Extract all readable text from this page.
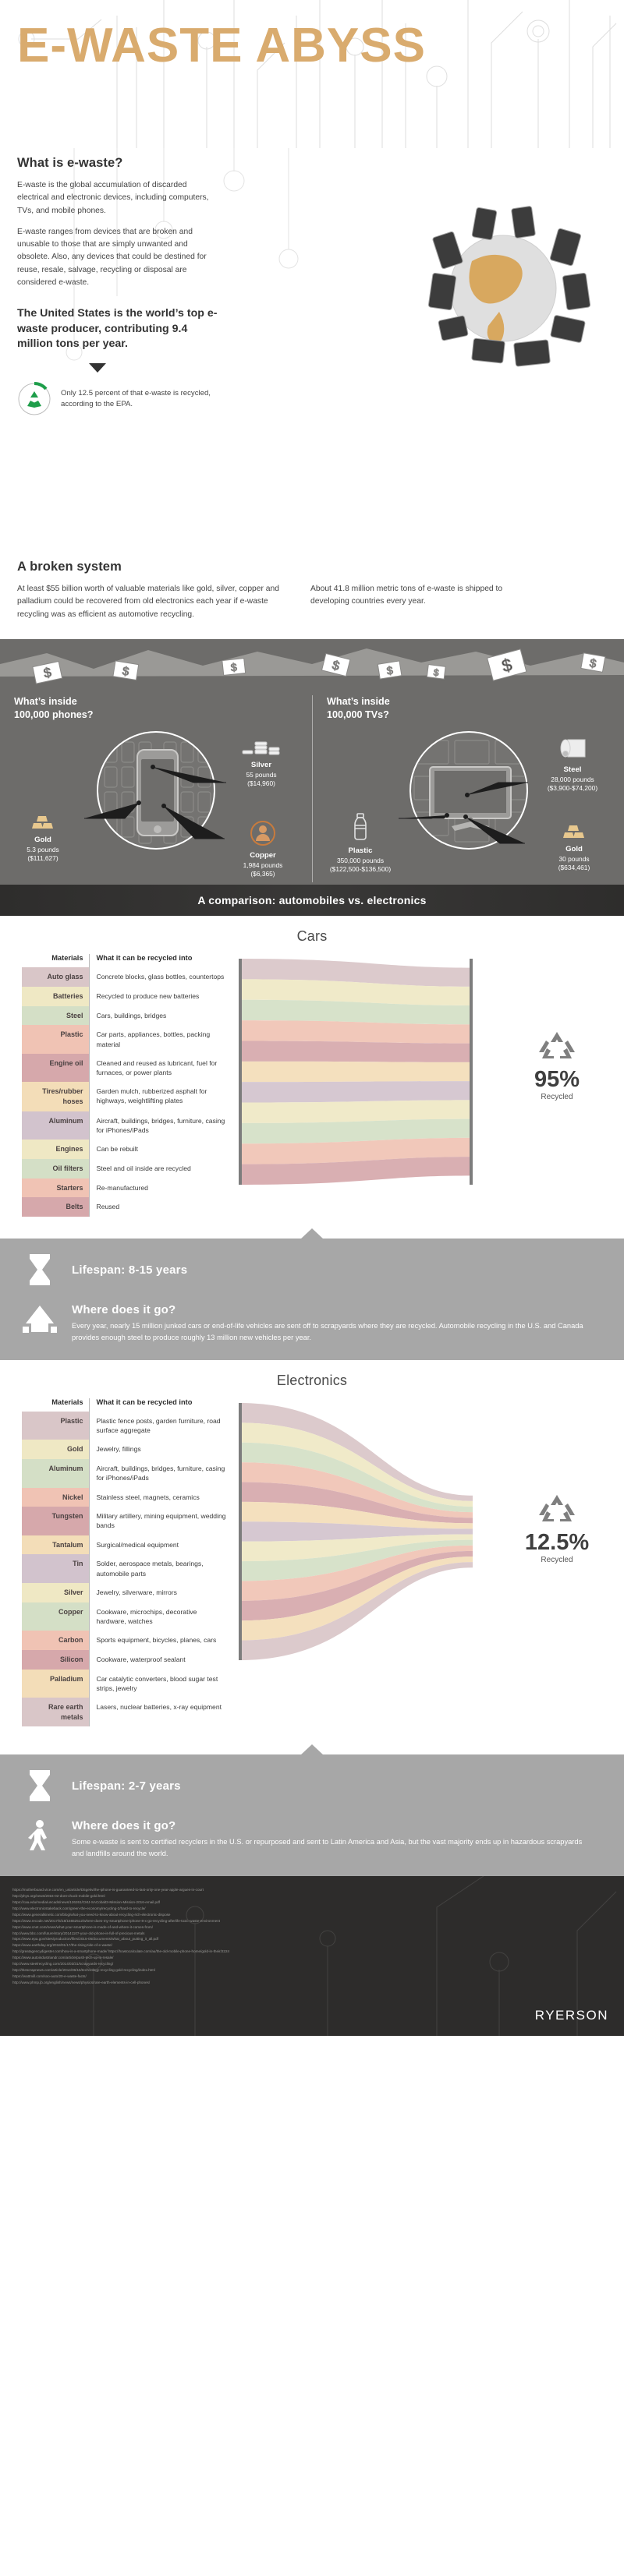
E-WASTE ABYSS
What is e-waste?

E-waste is the global accumulation of discarded electrical and electronic devices, including computers, TVs, and mobile phones.

E-waste ranges from devices that are broken and unusable to those that are simply unwanted and obsolete. Also, any devices that could be destined for reuse, resale, salvage, recycling or disposal are considered e-waste.

The United States is the world’s top e-waste producer, contributing 9.4 million tons per year.
Only 12.5 percent of that e-waste is recycled, according to the EPA.
A broken system

At least $55 billion worth of valuable materials like gold, silver, copper and palladium could be recovered from old electronics each year if e-waste recycling was as efficient as automotive recycling.

About 41.8 million metric tons of e-waste is shipped to developing countries every year.

$	$	$	$	$	$	$	$
What’s inside
100,000 phones?
Gold
5.3 pounds
($111,627)
Silver
55 pounds
($14,960)
Copper
1,984 pounds
($6,365)
What’s inside
100,000 TVs?
Plastic
350,000 pounds
($122,500-$136,500)
Steel
28,000 pounds
($3,900-$74,200)
Gold
30 pounds
($634,461)
A comparison: automobiles vs. electronics
Cars
Materials	What it can be recycled into
Auto glass	Concrete blocks, glass bottles, countertops
Batteries	Recycled to produce new batteries
Steel	Cars, buildings, bridges
Plastic	Car parts, appliances, bottles, packing material
Engine oil	Cleaned and reused as lubricant, fuel for furnaces, or power plants
Tires/rubber hoses	Garden mulch, rubberized asphalt for highways, weightlifting plates
Aluminum	Aircraft, buildings, bridges, furniture, casing for iPhones/iPads
Engines	Can be rebuilt
Oil filters	Steel and oil inside are recycled
Starters	Re-manufactured
Belts	Reused
95%
Recycled
Lifespan: 8-15 years
Where does it go?

Every year, nearly 15 million junked cars or end-of-life vehicles are sent off to scrapyards where they are recycled. Automobile recycling in the U.S. and Canada provides enough steel to produce roughly 13 million new vehicles per year.

Electronics
Materials	What it can be recycled into
Plastic	Plastic fence posts, garden furniture, road surface aggregate
Gold	Jewelry, fillings
Aluminum	Aircraft, buildings, bridges, furniture, casing for iPhones/iPads
Nickel	Stainless steel, magnets, ceramics
Tungsten	Military artillery, mining equipment, wedding bands
Tantalum	Surgical/medical equipment
Tin	Solder, aerospace metals, bearings, automobile parts
Silver	Jewelry, silverware, mirrors
Copper	Cookware, microchips, decorative hardware, watches
Carbon	Sports equipment, bicycles, planes, cars
Silicon	Cookware, waterproof sealant
Palladium	Car catalytic converters, blood sugar test strips, jewelry
Rare earth metals	Lasers, nuclear batteries, x-ray equipment
12.5%
Recycled
Lifespan: 2-7 years
Where does it go?

Some e-waste is sent to certified recyclers in the U.S. or repurposed and sent to Latin America and Asia, but the vast majority ends up in hazardous scrapyards and landfills around the world.

https://motherboard.vice.com/en_us/article/D5gekv/the-iphone-is-guaranteed-to-last-only-one-year-apple-argues-in-court
http://phys.org/news/2016-02-dont-chuck-mobile-gold.html
https://caa.edu/media/uncads/news/126261/CMJ-SACobalt3-Mission-Mission-2016-email.pdf
http://www.electronicstakeback.com/green-the-economy/recycling-2/hard-to-recycle/
https://www.generalkinetic.com/blog/what-you-need-to-know-about-recycling-rich-electronic-dispose
https://www.recode.net/2017/5/18/15652512/where-does-my-smartphone-iphone-8-x-go-recycling-afterlife-toxic-waste-environment
https://www.cnet.com/news/what-your-smartphone-is-made-of-and-where-it-comes-from/
http://www.bbc.com/future/story/20141107-your-old-phone-is-full-of-precious-metals
https://www.epa.gov/sites/production/files/2015-05/documents/what_about_putting_it_all.pdf
https://www.earthday.org/2018/01/17/the-rising-tide-of-e-waste/
http://greatagencydigester.com/how-is-a-smartphone-made/ https://howtocalculate.com/au/the-old-mobile-phone-home/gold-in-their/2224
https://www.autoindustriandr.com/article/push-tech-up-in-resale/
http://www.steelrecycling.com/2014/03/31/scrapyards-recycling/
http://thescrapnews.com/article/2014/06/15/technology-recycling-gold-recycling/index.html
https://wattmill.com/soo-auto/20-e-waste-facts/
http://www.phmp.jb.org/english/news/news/physics/rare-earth-elements-in-cell-phones/
RYERSON
